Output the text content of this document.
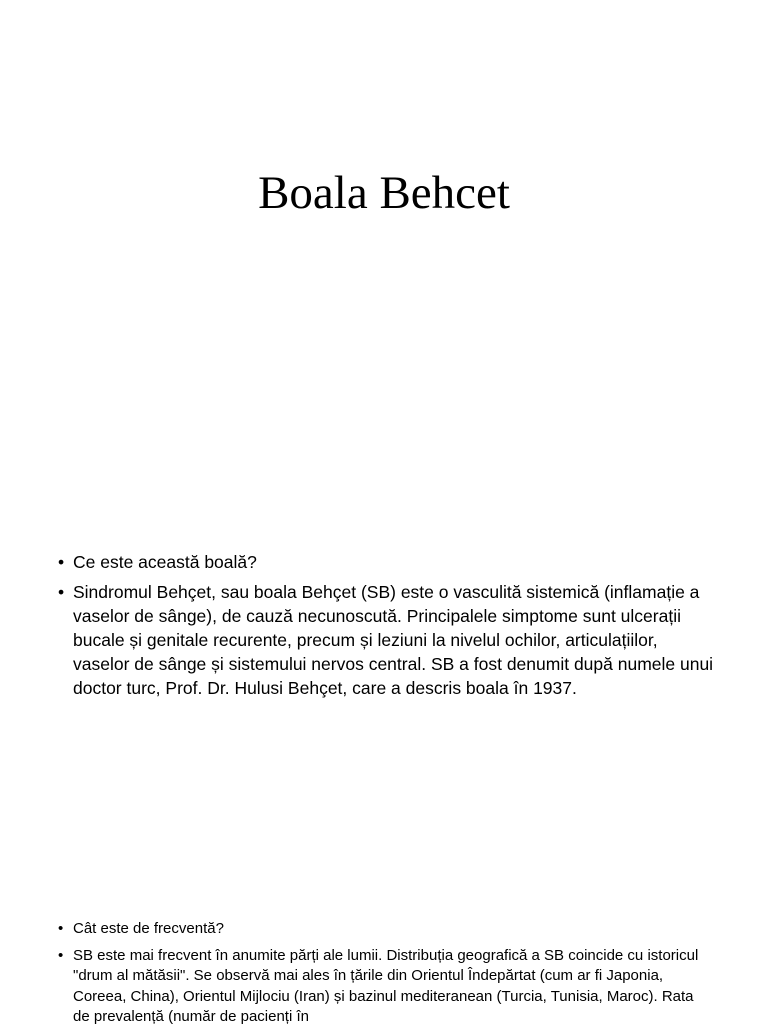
Boala Behcet
• Ce este această boală?
• Sindromul Behçet, sau boala Behçet (SB) este o vasculită sistemică (inflamație a vaselor de sânge), de cauză necunoscută. Principalele simptome sunt ulcerații bucale și genitale recurente, precum și leziuni la nivelul ochilor, articulațiilor, vaselor de sânge și sistemului nervos central. SB a fost denumit după numele unui doctor turc, Prof. Dr. Hulusi Behçet, care a descris boala în 1937.
• Cât este de frecventă?
• SB este mai frecvent în anumite părți ale lumii. Distribuția geografică a SB coincide cu istoricul "drum al mătăsii". Se observă mai ales în țările din Orientul Îndepărtat (cum ar fi Japonia, Coreea, China), Orientul Mijlociu (Iran) și bazinul mediteranean (Turcia, Tunisia, Maroc). Rata de prevalență (număr de pacienți în
